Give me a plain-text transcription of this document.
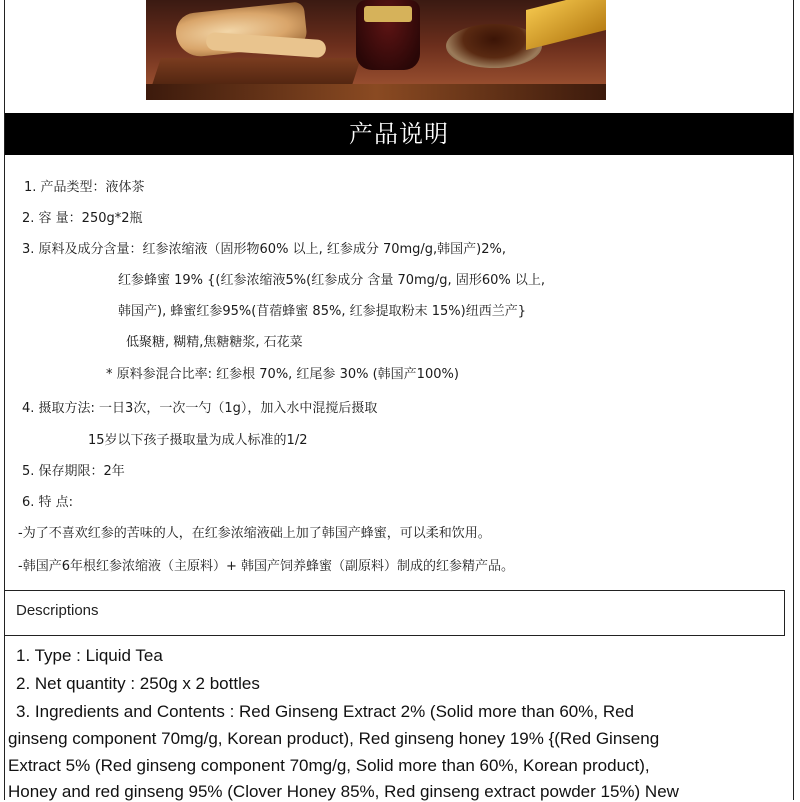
产品说明
1. 产品类型：液体茶
2. 容 量：250g*2瓶
3. 原料及成分含量：红参浓缩液（固形物60% 以上, 红参成分 70mg/g,韩国产)2%,
红参蜂蜜 19% {(红参浓缩液5%(红参成分 含量 70mg/g, 固形60% 以上,
韩国产), 蜂蜜红参95%(苜蓿蜂蜜 85%, 红参提取粉末 15%)纽西兰产}
低聚糖, 糊精,焦糖糖浆, 石花菜
* 原料参混合比率: 红参根 70%, 红尾参 30% (韩国产100%)
4. 摄取方法: 一日3次，一次一勺（1g），加入水中混搅后摄取
15岁以下孩子摄取量为成人标准的1/2
5. 保存期限：2年
6. 特 点:
-为了不喜欢红参的苦味的人，在红参浓缩液础上加了韩国产蜂蜜，可以柔和饮用。
-韩国产6年根红参浓缩液（主原料）+ 韩国产饲养蜂蜜（副原料）制成的红参精产品。
Descriptions
1. Type : Liquid Tea
2. Net quantity : 250g x 2 bottles
3. Ingredients and Contents : Red Ginseng Extract 2% (Solid more than 60%, Red
ginseng component 70mg/g, Korean product), Red ginseng honey 19% {(Red Ginseng
Extract 5% (Red ginseng component 70mg/g, Solid more than 60%, Korean product),
Honey and red ginseng 95% (Clover Honey 85%, Red ginseng extract powder 15%) New
